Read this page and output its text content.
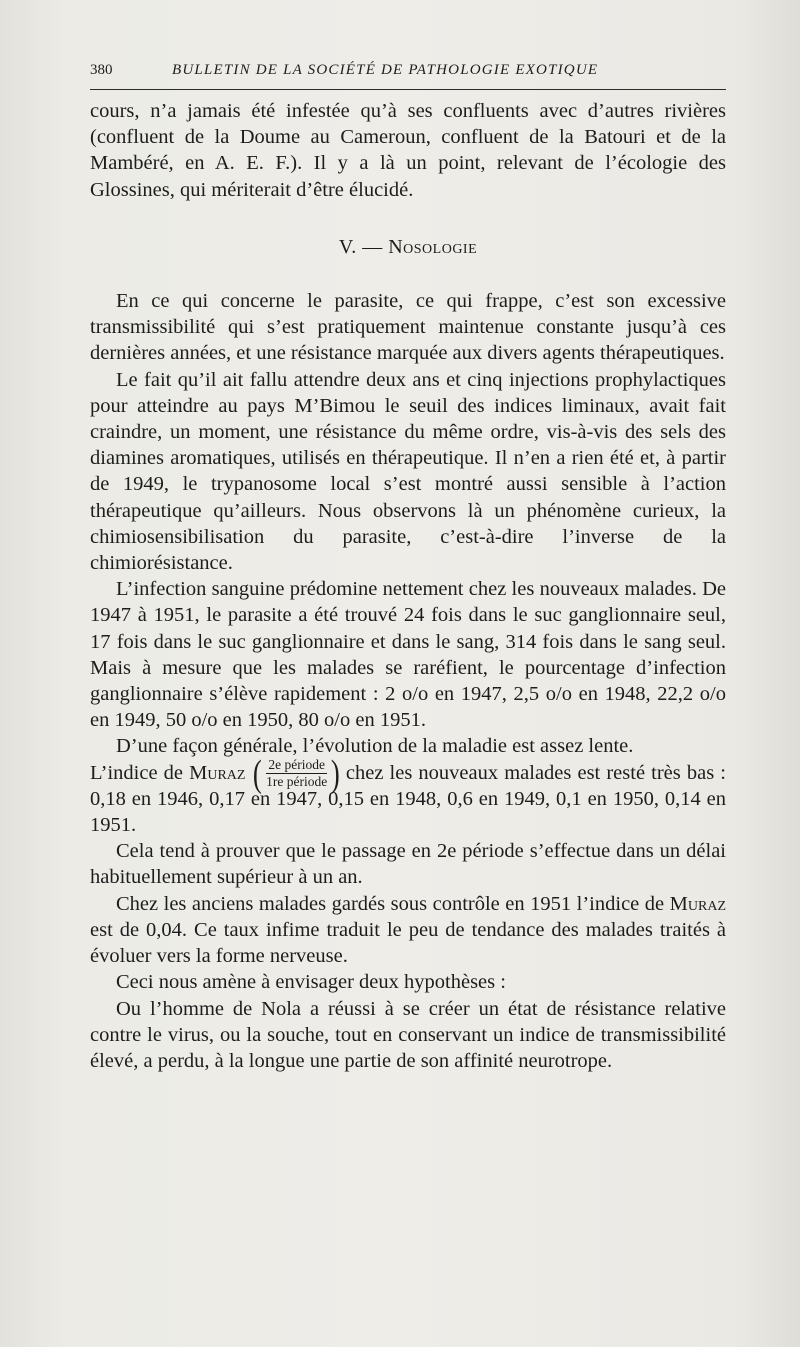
380	BULLETIN DE LA SOCIÉTÉ DE PATHOLOGIE EXOTIQUE

cours, n’a jamais été infestée qu’à ses confluents avec d’autres rivières (confluent de la Doume au Cameroun, confluent de la Batouri et de la Mambéré, en A. E. F.). Il y a là un point, relevant de l’écologie des Glossines, qui mériterait d’être élucidé.

V. — Nosologie

En ce qui concerne le parasite, ce qui frappe, c’est son excessive transmissibilité qui s’est pratiquement maintenue constante jusqu’à ces dernières années, et une résistance marquée aux divers agents thérapeutiques.

Le fait qu’il ait fallu attendre deux ans et cinq injections prophylactiques pour atteindre au pays M’Bimou le seuil des indices liminaux, avait fait craindre, un moment, une résistance du même ordre, vis-à-vis des sels des diamines aromatiques, utilisés en thérapeutique. Il n’en a rien été et, à partir de 1949, le trypanosome local s’est montré aussi sensible à l’action thérapeutique qu’ailleurs. Nous observons là un phénomène curieux, la chimiosensibilisation du parasite, c’est-à-dire l’inverse de la chimiorésistance.

L’infection sanguine prédomine nettement chez les nouveaux malades. De 1947 à 1951, le parasite a été trouvé 24 fois dans le suc ganglionnaire seul, 17 fois dans le suc ganglionnaire et dans le sang, 314 fois dans le sang seul. Mais à mesure que les malades se raréfient, le pourcentage d’infection ganglionnaire s’élève rapidement : 2 o/o en 1947, 2,5 o/o en 1948, 22,2 o/o en 1949, 50 o/o en 1950, 80 o/o en 1951.

D’une façon générale, l’évolution de la maladie est assez lente.

L’indice de Muraz ( $\frac{\text{2e période}}{\text{1re période}}$ ) chez les nouveaux malades est resté très bas : 0,18 en 1946, 0,17 en 1947, 0,15 en 1948, 0,6 en 1949, 0,1 en 1950, 0,14 en 1951.

Cela tend à prouver que le passage en 2e période s’effectue dans un délai habituellement supérieur à un an.

Chez les anciens malades gardés sous contrôle en 1951 l’indice de Muraz est de 0,04. Ce taux infime traduit le peu de tendance des malades traités à évoluer vers la forme nerveuse.

Ceci nous amène à envisager deux hypothèses :

Ou l’homme de Nola a réussi à se créer un état de résistance relative contre le virus, ou la souche, tout en conservant un indice de transmissibilité élevé, a perdu, à la longue une partie de son affinité neurotrope.
